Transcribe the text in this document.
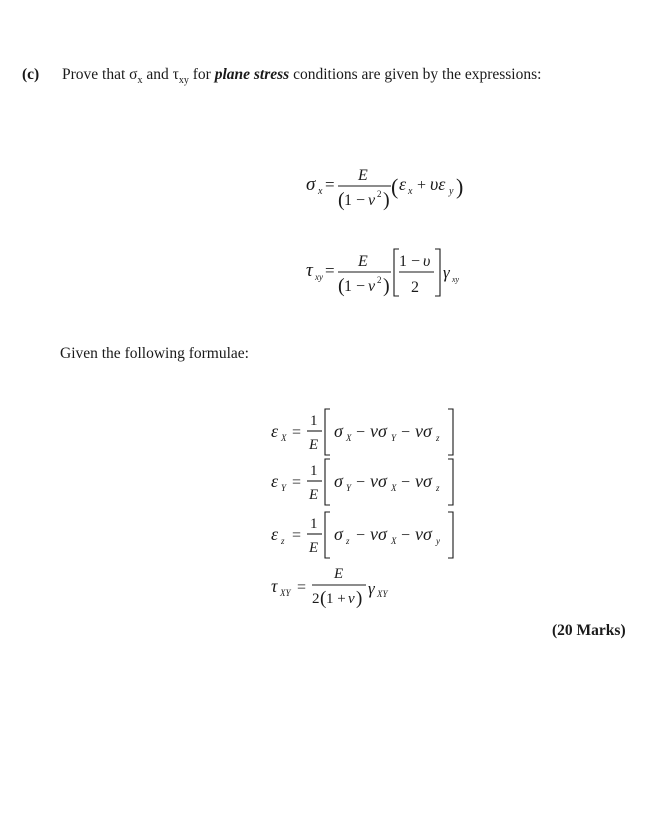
(c) Prove that $\sigma_x$ and $\tau_{xy}$ for plane stress conditions are given by the expressions:
Given the following formulae:
(20 Marks)
σ x = E
( 1 − ν 2 )
( ε x + υε y )
τ xy = E
( 1 − ν 2 )
1 − υ
2
γ xy
ε X =
1
E
σ X − νσ Y − νσ z
ε Y =
1
E
σ Y − νσ X − νσ z
ε z =
1
E
σ z − νσ X − νσ y
τ XY =
E
2 ( 1 + ν ) γ XY
